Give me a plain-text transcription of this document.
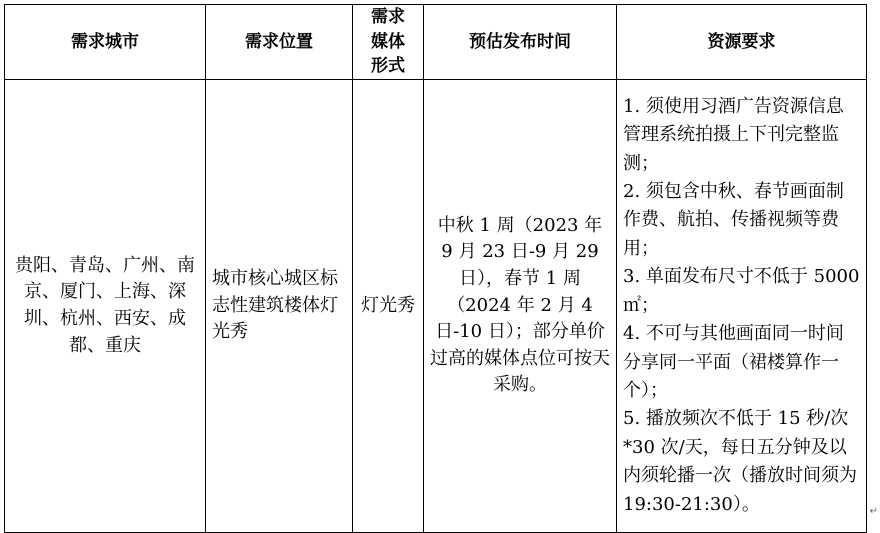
需求城市	需求位置	需求媒体形式	预估发布时间	资源要求

贵阳、青岛、广州、南京、厦门、上海、深圳、杭州、西安、成都、重庆	城市核心城区标志性建筑楼体灯光秀	灯光秀	中秋 1 周（2023 年 9 月 23 日-9 月 29 日），春节 1 周（2024 年 2 月 4 日-10 日）；部分单价过高的媒体点位可按天采购。	1. 须使用习酒广告资源信息管理系统拍摄上下刊完整监测；
2. 须包含中秋、春节画面制作费、航拍、传播视频等费用；
3. 单面发布尺寸不低于 5000 ㎡；
4. 不可与其他画面同一时间分享同一平面（裙楼算作一个）；
5. 播放频次不低于 15 秒/次*30 次/天，每日五分钟及以内须轮播一次（播放时间须为 19:30-21:30）。	↵
